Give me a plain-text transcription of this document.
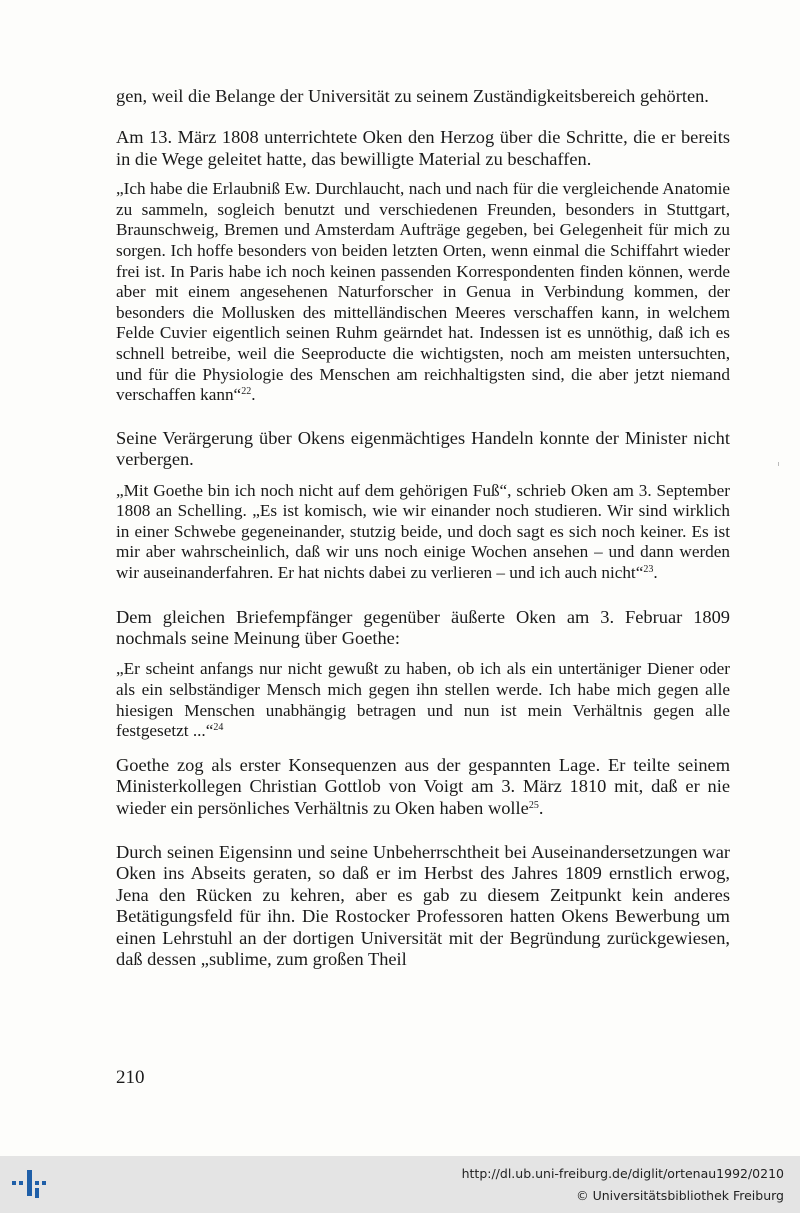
gen, weil die Belange der Universität zu seinem Zuständigkeitsbereich gehörten.

Am 13. März 1808 unterrichtete Oken den Herzog über die Schritte, die er bereits in die Wege geleitet hatte, das bewilligte Material zu beschaffen.

„Ich habe die Erlaubniß Ew. Durchlaucht, nach und nach für die vergleichende Anatomie zu sammeln, sogleich benutzt und verschiedenen Freunden, besonders in Stuttgart, Braunschweig, Bremen und Amsterdam Aufträge gegeben, bei Gelegenheit für mich zu sorgen. Ich hoffe besonders von beiden letzten Orten, wenn einmal die Schiffahrt wieder frei ist. In Paris habe ich noch keinen passenden Korrespondenten finden können, werde aber mit einem angesehenen Naturforscher in Genua in Verbindung kommen, der besonders die Mollusken des mittelländischen Meeres verschaffen kann, in welchem Felde Cuvier eigentlich seinen Ruhm geärndet hat. Indessen ist es unnöthig, daß ich es schnell betreibe, weil die Seeproducte die wichtigsten, noch am meisten untersuchten, und für die Physiologie des Menschen am reichhaltigsten sind, die aber jetzt niemand verschaffen kann“$^{22}$.

Seine Verärgerung über Okens eigenmächtiges Handeln konnte der Minister nicht verbergen.

„Mit Goethe bin ich noch nicht auf dem gehörigen Fuß“, schrieb Oken am 3. September 1808 an Schelling. „Es ist komisch, wie wir einander noch studieren. Wir sind wirklich in einer Schwebe gegeneinander, stutzig beide, und doch sagt es sich noch keiner. Es ist mir aber wahrscheinlich, daß wir uns noch einige Wochen ansehen – und dann werden wir auseinanderfahren. Er hat nichts dabei zu verlieren – und ich auch nicht“$^{23}$.

Dem gleichen Briefempfänger gegenüber äußerte Oken am 3. Februar 1809 nochmals seine Meinung über Goethe:

„Er scheint anfangs nur nicht gewußt zu haben, ob ich als ein untertäniger Diener oder als ein selbständiger Mensch mich gegen ihn stellen werde. Ich habe mich gegen alle hiesigen Menschen unabhängig betragen und nun ist mein Verhältnis gegen alle festgesetzt ...“$^{24}$

Goethe zog als erster Konsequenzen aus der gespannten Lage. Er teilte seinem Ministerkollegen Christian Gottlob von Voigt am 3. März 1810 mit, daß er nie wieder ein persönliches Verhältnis zu Oken haben wolle$^{25}$.

Durch seinen Eigensinn und seine Unbeherrschtheit bei Auseinandersetzungen war Oken ins Abseits geraten, so daß er im Herbst des Jahres 1809 ernstlich erwog, Jena den Rücken zu kehren, aber es gab zu diesem Zeitpunkt kein anderes Betätigungsfeld für ihn. Die Rostocker Professoren hatten Okens Bewerbung um einen Lehrstuhl an der dortigen Universität mit der Begründung zurückgewiesen, daß dessen „sublime, zum großen Theil

210
http://dl.ub.uni-freiburg.de/diglit/ortenau1992/0210
© Universitätsbibliothek Freiburg
